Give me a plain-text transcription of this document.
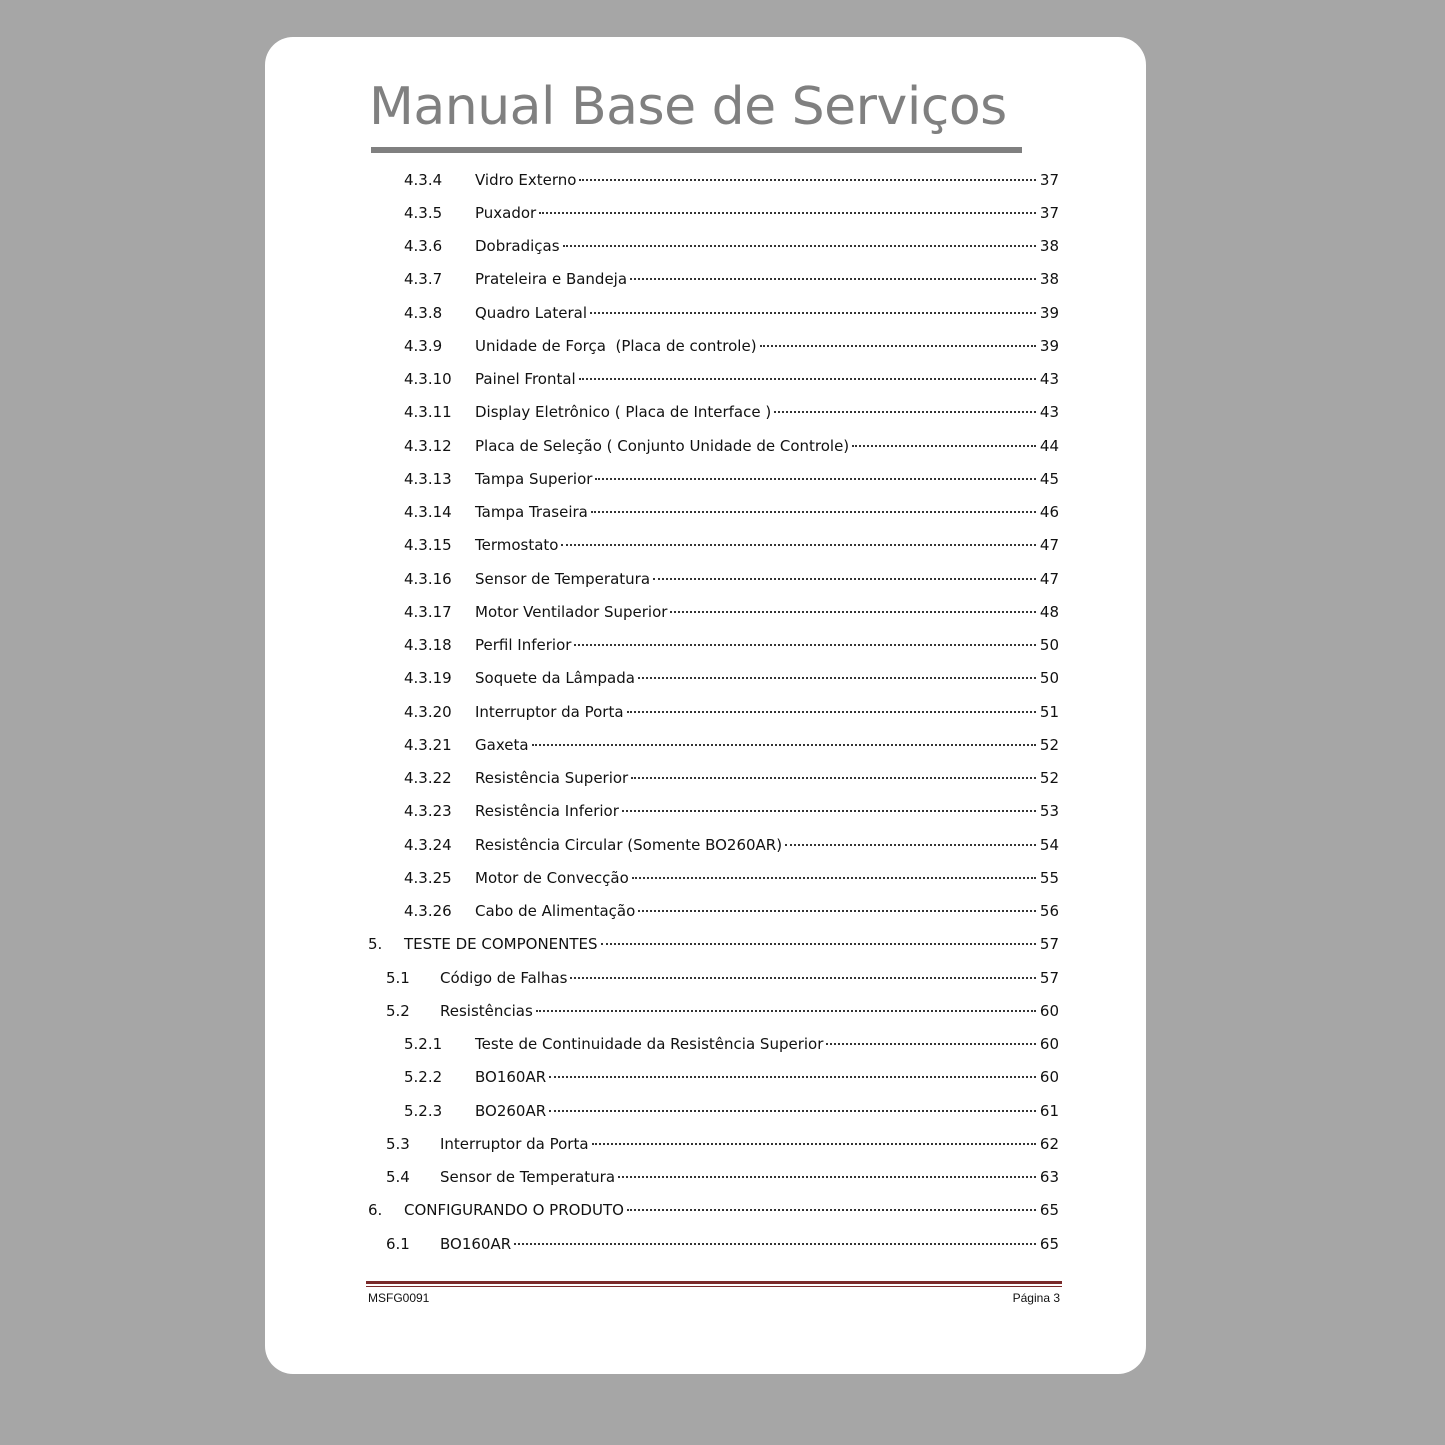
Manual Base de Serviços
4.3.4 Vidro Externo	37
4.3.5 Puxador	37
4.3.6 Dobradiças	38
4.3.7 Prateleira e Bandeja	38
4.3.8 Quadro Lateral	39
4.3.9 Unidade de Força  (Placa de controle)	39
4.3.10 Painel Frontal	43
4.3.11 Display Eletrônico ( Placa de Interface )	43
4.3.12 Placa de Seleção ( Conjunto Unidade de Controle)	44
4.3.13 Tampa Superior	45
4.3.14 Tampa Traseira	46
4.3.15 Termostato	47
4.3.16 Sensor de Temperatura	47
4.3.17 Motor Ventilador Superior	48
4.3.18 Perfil Inferior	50
4.3.19 Soquete da Lâmpada	50
4.3.20 Interruptor da Porta	51
4.3.21 Gaxeta	52
4.3.22 Resistência Superior	52
4.3.23 Resistência Inferior	53
4.3.24 Resistência Circular (Somente BO260AR)	54
4.3.25 Motor de Convecção	55
4.3.26 Cabo de Alimentação	56
5. TESTE DE COMPONENTES	57
5.1 Código de Falhas	57
5.2 Resistências	60
5.2.1 Teste de Continuidade da Resistência Superior	60
5.2.2 BO160AR	60
5.2.3 BO260AR	61
5.3 Interruptor da Porta	62
5.4 Sensor de Temperatura	63
6. CONFIGURANDO O PRODUTO	65
6.1 BO160AR	65
MSFG0091	Página 3
